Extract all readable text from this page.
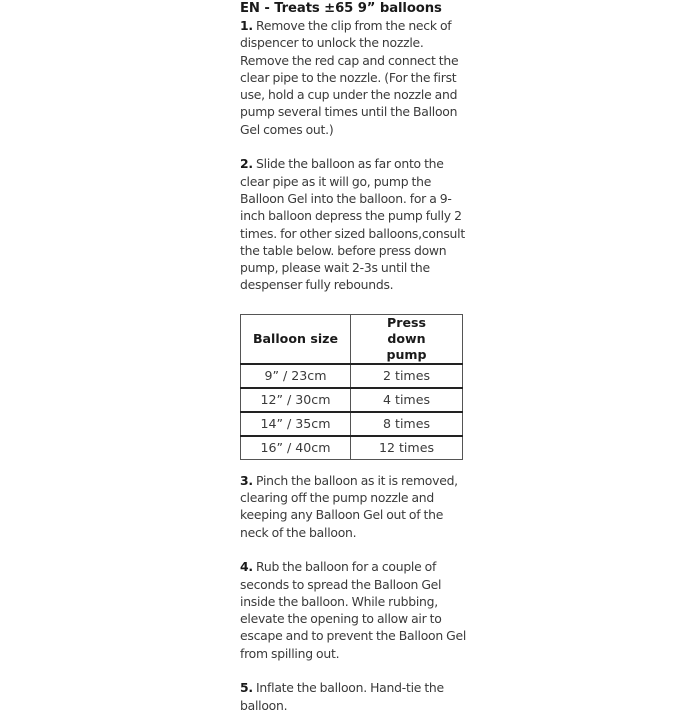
EN - Treats ±65 9” balloons

1. Remove the clip from the neck of dispencer to unlock the nozzle. Remove the red cap and connect the clear pipe to the nozzle. (For the first use, hold a cup under the nozzle and pump several times until the Balloon Gel comes out.)

2. Slide the balloon as far onto the clear pipe as it will go, pump the Balloon Gel into the balloon. for a 9-inch balloon depress the pump fully 2 times. for other sized balloons,consult the table below. before press down pump, please wait 2-3s until the despenser fully rebounds.

Balloon size	Press down pump
9” / 23cm	2 times
12” / 30cm	4 times
14” / 35cm	8 times
16” / 40cm	12 times

3. Pinch the balloon as it is removed, clearing off the pump nozzle and keeping any Balloon Gel out of the neck of the balloon.

4. Rub the balloon for a couple of seconds to spread the Balloon Gel inside the balloon. While rubbing, elevate the opening to allow air to escape and to prevent the Balloon Gel from spilling out.

5. Inflate the balloon. Hand-tie the balloon.
